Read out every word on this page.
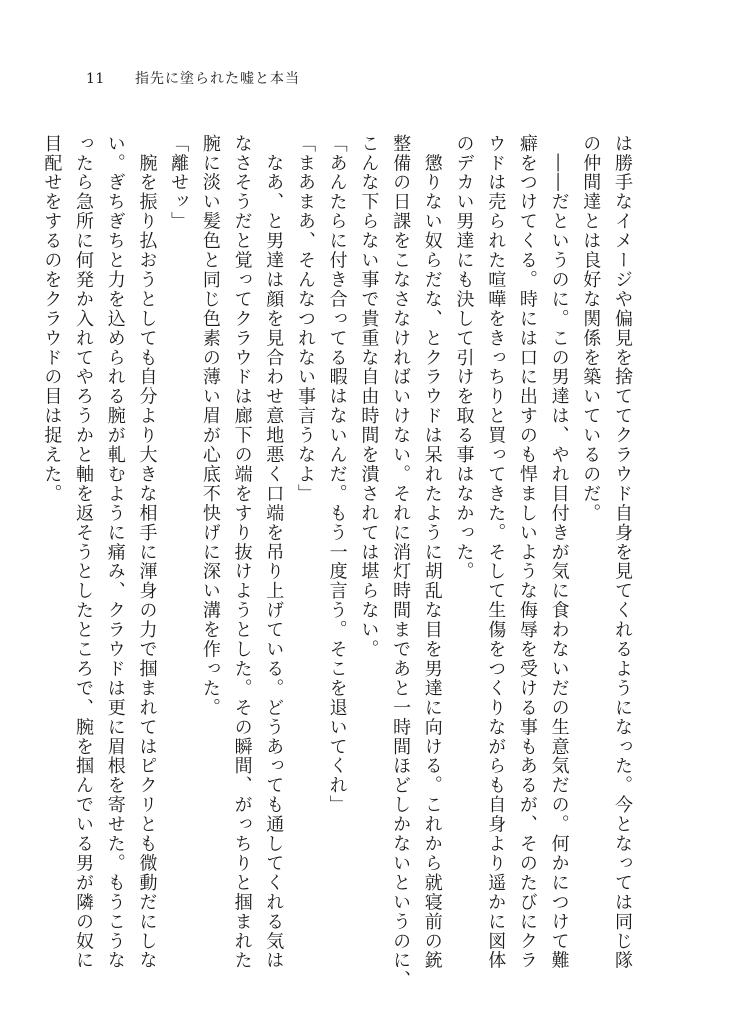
11 指先に塗られた嘘と本当

は勝手なイメージや偏見を捨ててクラウド自身を見てくれるようになった。今となっては同じ隊

の仲間達とは良好な関係を築いているのだ。

　――だというのに。この男達は、やれ目付きが気に食わないだの生意気だの。何かにつけて難

癖をつけてくる。時には口に出すのも悍ましいような侮辱を受ける事もあるが、そのたびにクラ

ウドは売られた喧嘩をきっちりと買ってきた。そして生傷をつくりながらも自身より遥かに図体

のデカい男達にも決して引けを取る事はなかった。

　懲りない奴らだな、とクラウドは呆れたように胡乱な目を男達に向ける。これから就寝前の銃

整備の日課をこなさなければいけない。それに消灯時間まであと一時間ほどしかないというのに、

こんな下らない事で貴重な自由時間を潰されては堪らない。

「あんたらに付き合ってる暇はないんだ。もう一度言う。そこを退いてくれ」

「まあまあ、そんなつれない事言うなよ」

　なあ、と男達は顔を見合わせ意地悪く口端を吊り上げている。どうあっても通してくれる気は

なさそうだと覚ってクラウドは廊下の端をすり抜けようとした。その瞬間、がっちりと掴まれた

腕に淡い髪色と同じ色素の薄い眉が心底不快げに深い溝を作った。

「離せッ」

　腕を振り払おうとしても自分より大きな相手に渾身の力で掴まれてはピクリとも微動だにしな

い。ぎちぎちと力を込められる腕が軋むように痛み、クラウドは更に眉根を寄せた。もうこうな

ったら急所に何発か入れてやろうかと軸を返そうとしたところで、腕を掴んでいる男が隣の奴に

目配せをするのをクラウドの目は捉えた。
